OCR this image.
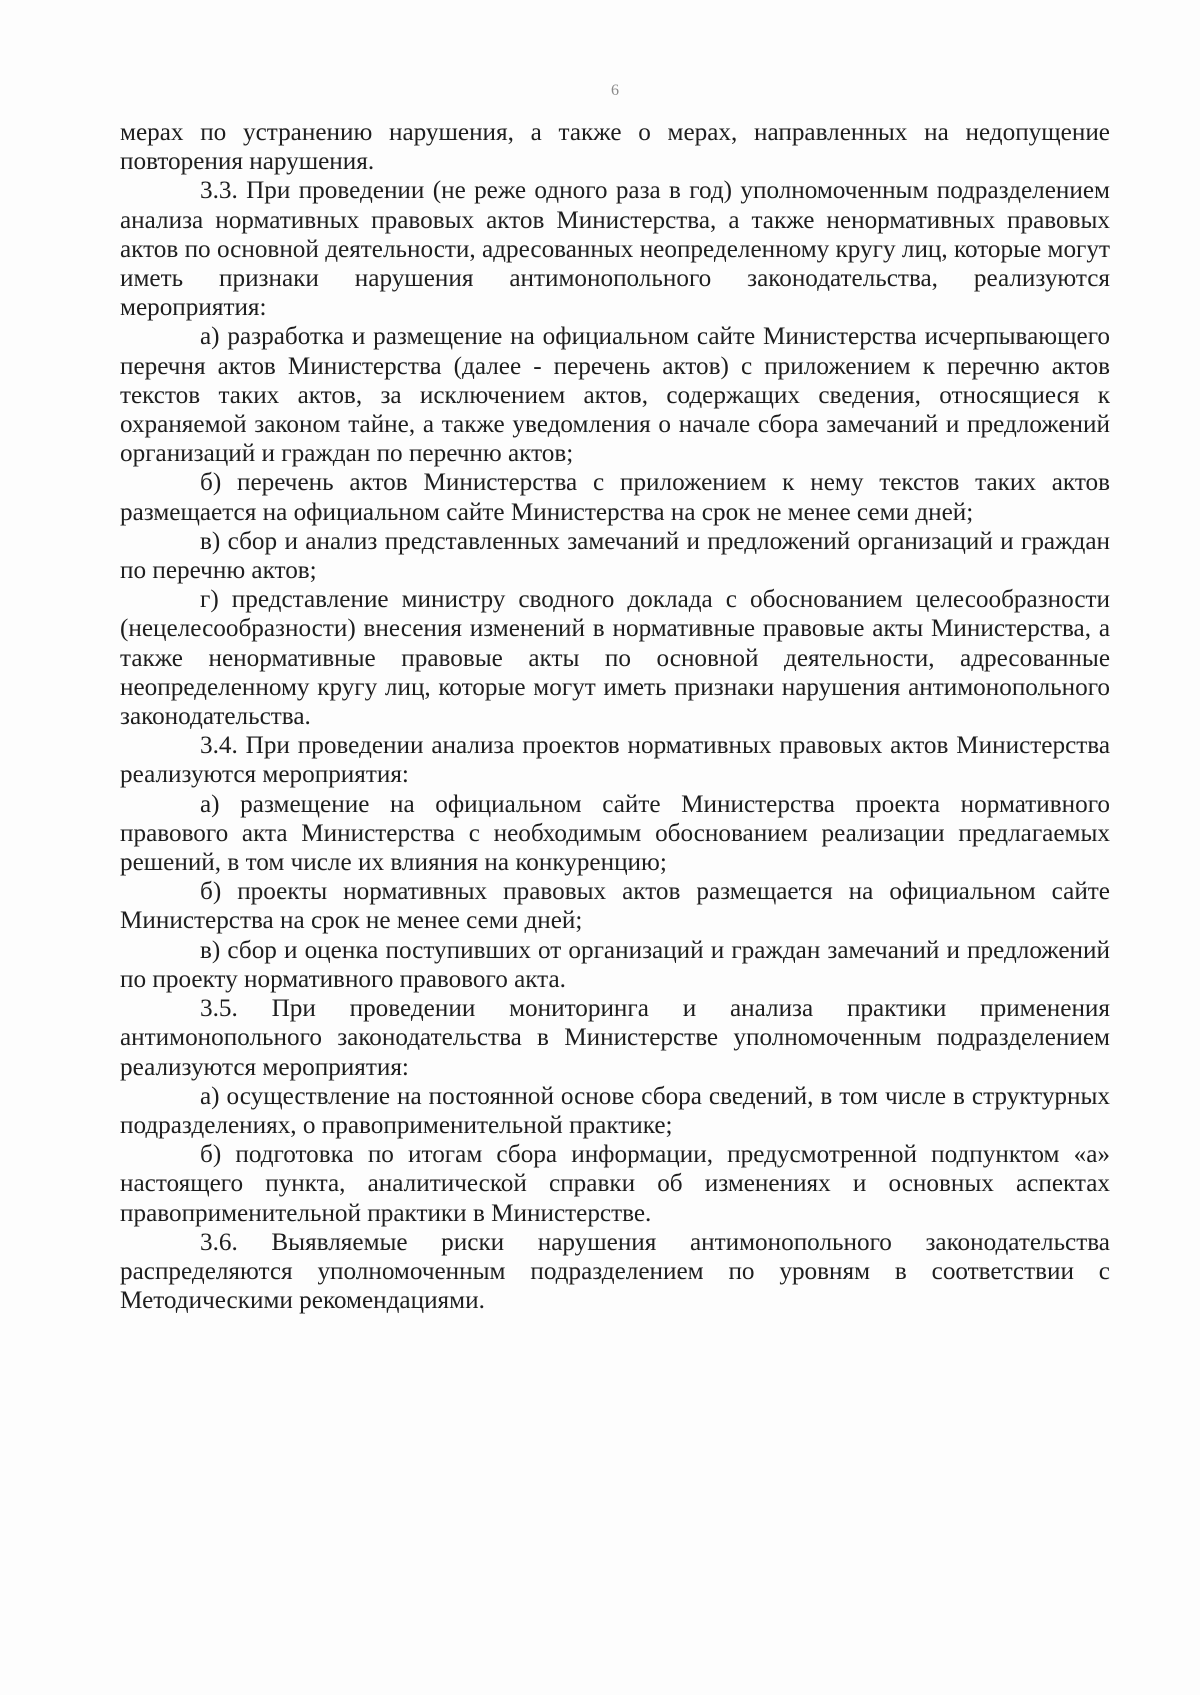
6

мерах по устранению нарушения, а также о мерах, направленных на недопущение повторения нарушения.

3.3. При проведении (не реже одного раза в год) уполномоченным подразделением анализа нормативных правовых актов Министерства, а также ненормативных правовых актов по основной деятельности, адресованных неопределенному кругу лиц, которые могут иметь признаки нарушения антимонопольного законодательства, реализуются мероприятия:

а) разработка и размещение на официальном сайте Министерства исчерпывающего перечня актов Министерства (далее - перечень актов) с приложением к перечню актов текстов таких актов, за исключением актов, содержащих сведения, относящиеся к охраняемой законом тайне, а также уведомления о начале сбора замечаний и предложений организаций и граждан по перечню актов;

б) перечень актов Министерства с приложением к нему текстов таких актов размещается на официальном сайте Министерства на срок не менее семи дней;

в) сбор и анализ представленных замечаний и предложений организаций и граждан по перечню актов;

г) представление министру сводного доклада с обоснованием целесообразности (нецелесообразности) внесения изменений в нормативные правовые акты Министерства, а также ненормативные правовые акты по основной деятельности, адресованные неопределенному кругу лиц, которые могут иметь признаки нарушения антимонопольного законодательства.

3.4. При проведении анализа проектов нормативных правовых актов Министерства реализуются мероприятия:

а) размещение на официальном сайте Министерства проекта нормативного правового акта Министерства с необходимым обоснованием реализации предлагаемых решений, в том числе их влияния на конкуренцию;

б) проекты нормативных правовых актов размещается на официальном сайте Министерства на срок не менее семи дней;

в) сбор и оценка поступивших от организаций и граждан замечаний и предложений по проекту нормативного правового акта.

3.5. При проведении мониторинга и анализа практики применения антимонопольного законодательства в Министерстве уполномоченным подразделением реализуются мероприятия:

а) осуществление на постоянной основе сбора сведений, в том числе в структурных подразделениях, о правоприменительной практике;

б) подготовка по итогам сбора информации, предусмотренной подпунктом «а» настоящего пункта, аналитической справки об изменениях и основных аспектах правоприменительной практики в Министерстве.

3.6. Выявляемые риски нарушения антимонопольного законодательства распределяются уполномоченным подразделением по уровням в соответствии с Методическими рекомендациями.
